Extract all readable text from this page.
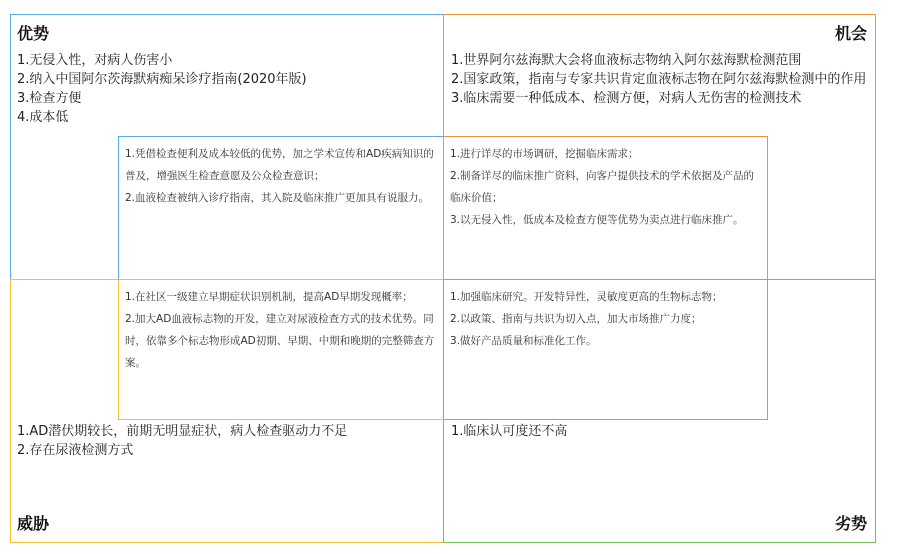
优势
1.无侵入性，对病人伤害小
2.纳入中国阿尔茨海默病痴呆诊疗指南(2020年版)
3.检查方便
4.成本低
机会
1.世界阿尔兹海默大会将血液标志物纳入阿尔兹海默检测范围
2.国家政策，指南与专家共识肯定血液标志物在阿尔兹海默检测中的作用
3.临床需要一种低成本、检测方便，对病人无伤害的检测技术
1.AD潜伏期较长，前期无明显症状，病人检查驱动力不足
2.存在尿液检测方式
威胁
1.临床认可度还不高
劣势

1.凭借检查便利及成本较低的优势，加之学术宣传和AD疾病知识的普及，增强医生检查意愿及公众检查意识；

2.血液检查被纳入诊疗指南，其入院及临床推广更加具有说服力。

1.进行详尽的市场调研，挖掘临床需求；

2.制备详尽的临床推广资料，向客户提供技术的学术依据及产品的临床价值；

3.以无侵入性，低成本及检查方便等优势为卖点进行临床推广。

1.在社区一级建立早期症状识别机制，提高AD早期发现概率；

2.加大AD血液标志物的开发，建立对尿液检查方式的技术优势。同时，依靠多个标志物形成AD初期、早期、中期和晚期的完整筛查方案。

1.加强临床研究。开发特异性，灵敏度更高的生物标志物；

2.以政策、指南与共识为切入点，加大市场推广力度；

3.做好产品质量和标准化工作。
